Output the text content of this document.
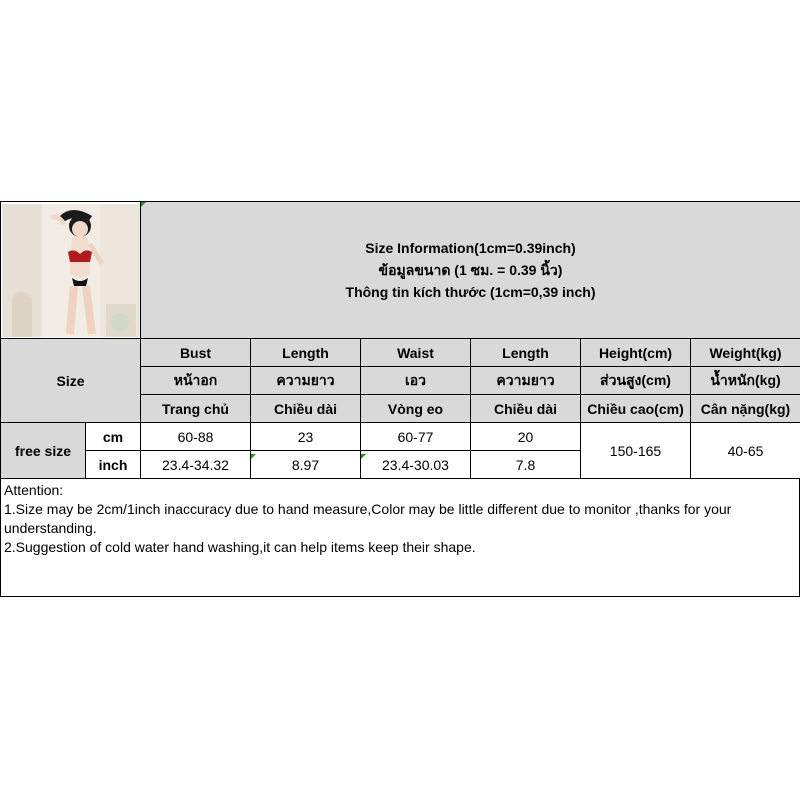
Size Information(1cm=0.39inch)
ข้อมูลขนาด (1 ซม. = 0.39 นิ้ว)
Thông tin kích thước (1cm=0,39 inch)					

Size		Bust	Length	Waist	Length	Height(cm)	Weight(kg)
		หน้าอก	ความยาว	เอว	ความยาว	ส่วนสูง(cm)	น้ำหนัก(kg)
		Trang chủ	Chiều dài	Vòng eo	Chiều dài	Chiều cao(cm)	Cân nặng(kg)
free size	cm	60-88	23	60-77	20	150-165	40-65
	inch	23.4-34.32	8.97	23.4-30.03	7.8		
Attention:
1.Size may be 2cm/1inch inaccuracy due to hand measure,Color may be little different due to monitor ,thanks for your understanding.
2.Suggestion of cold water hand washing,it can help items keep their shape.
